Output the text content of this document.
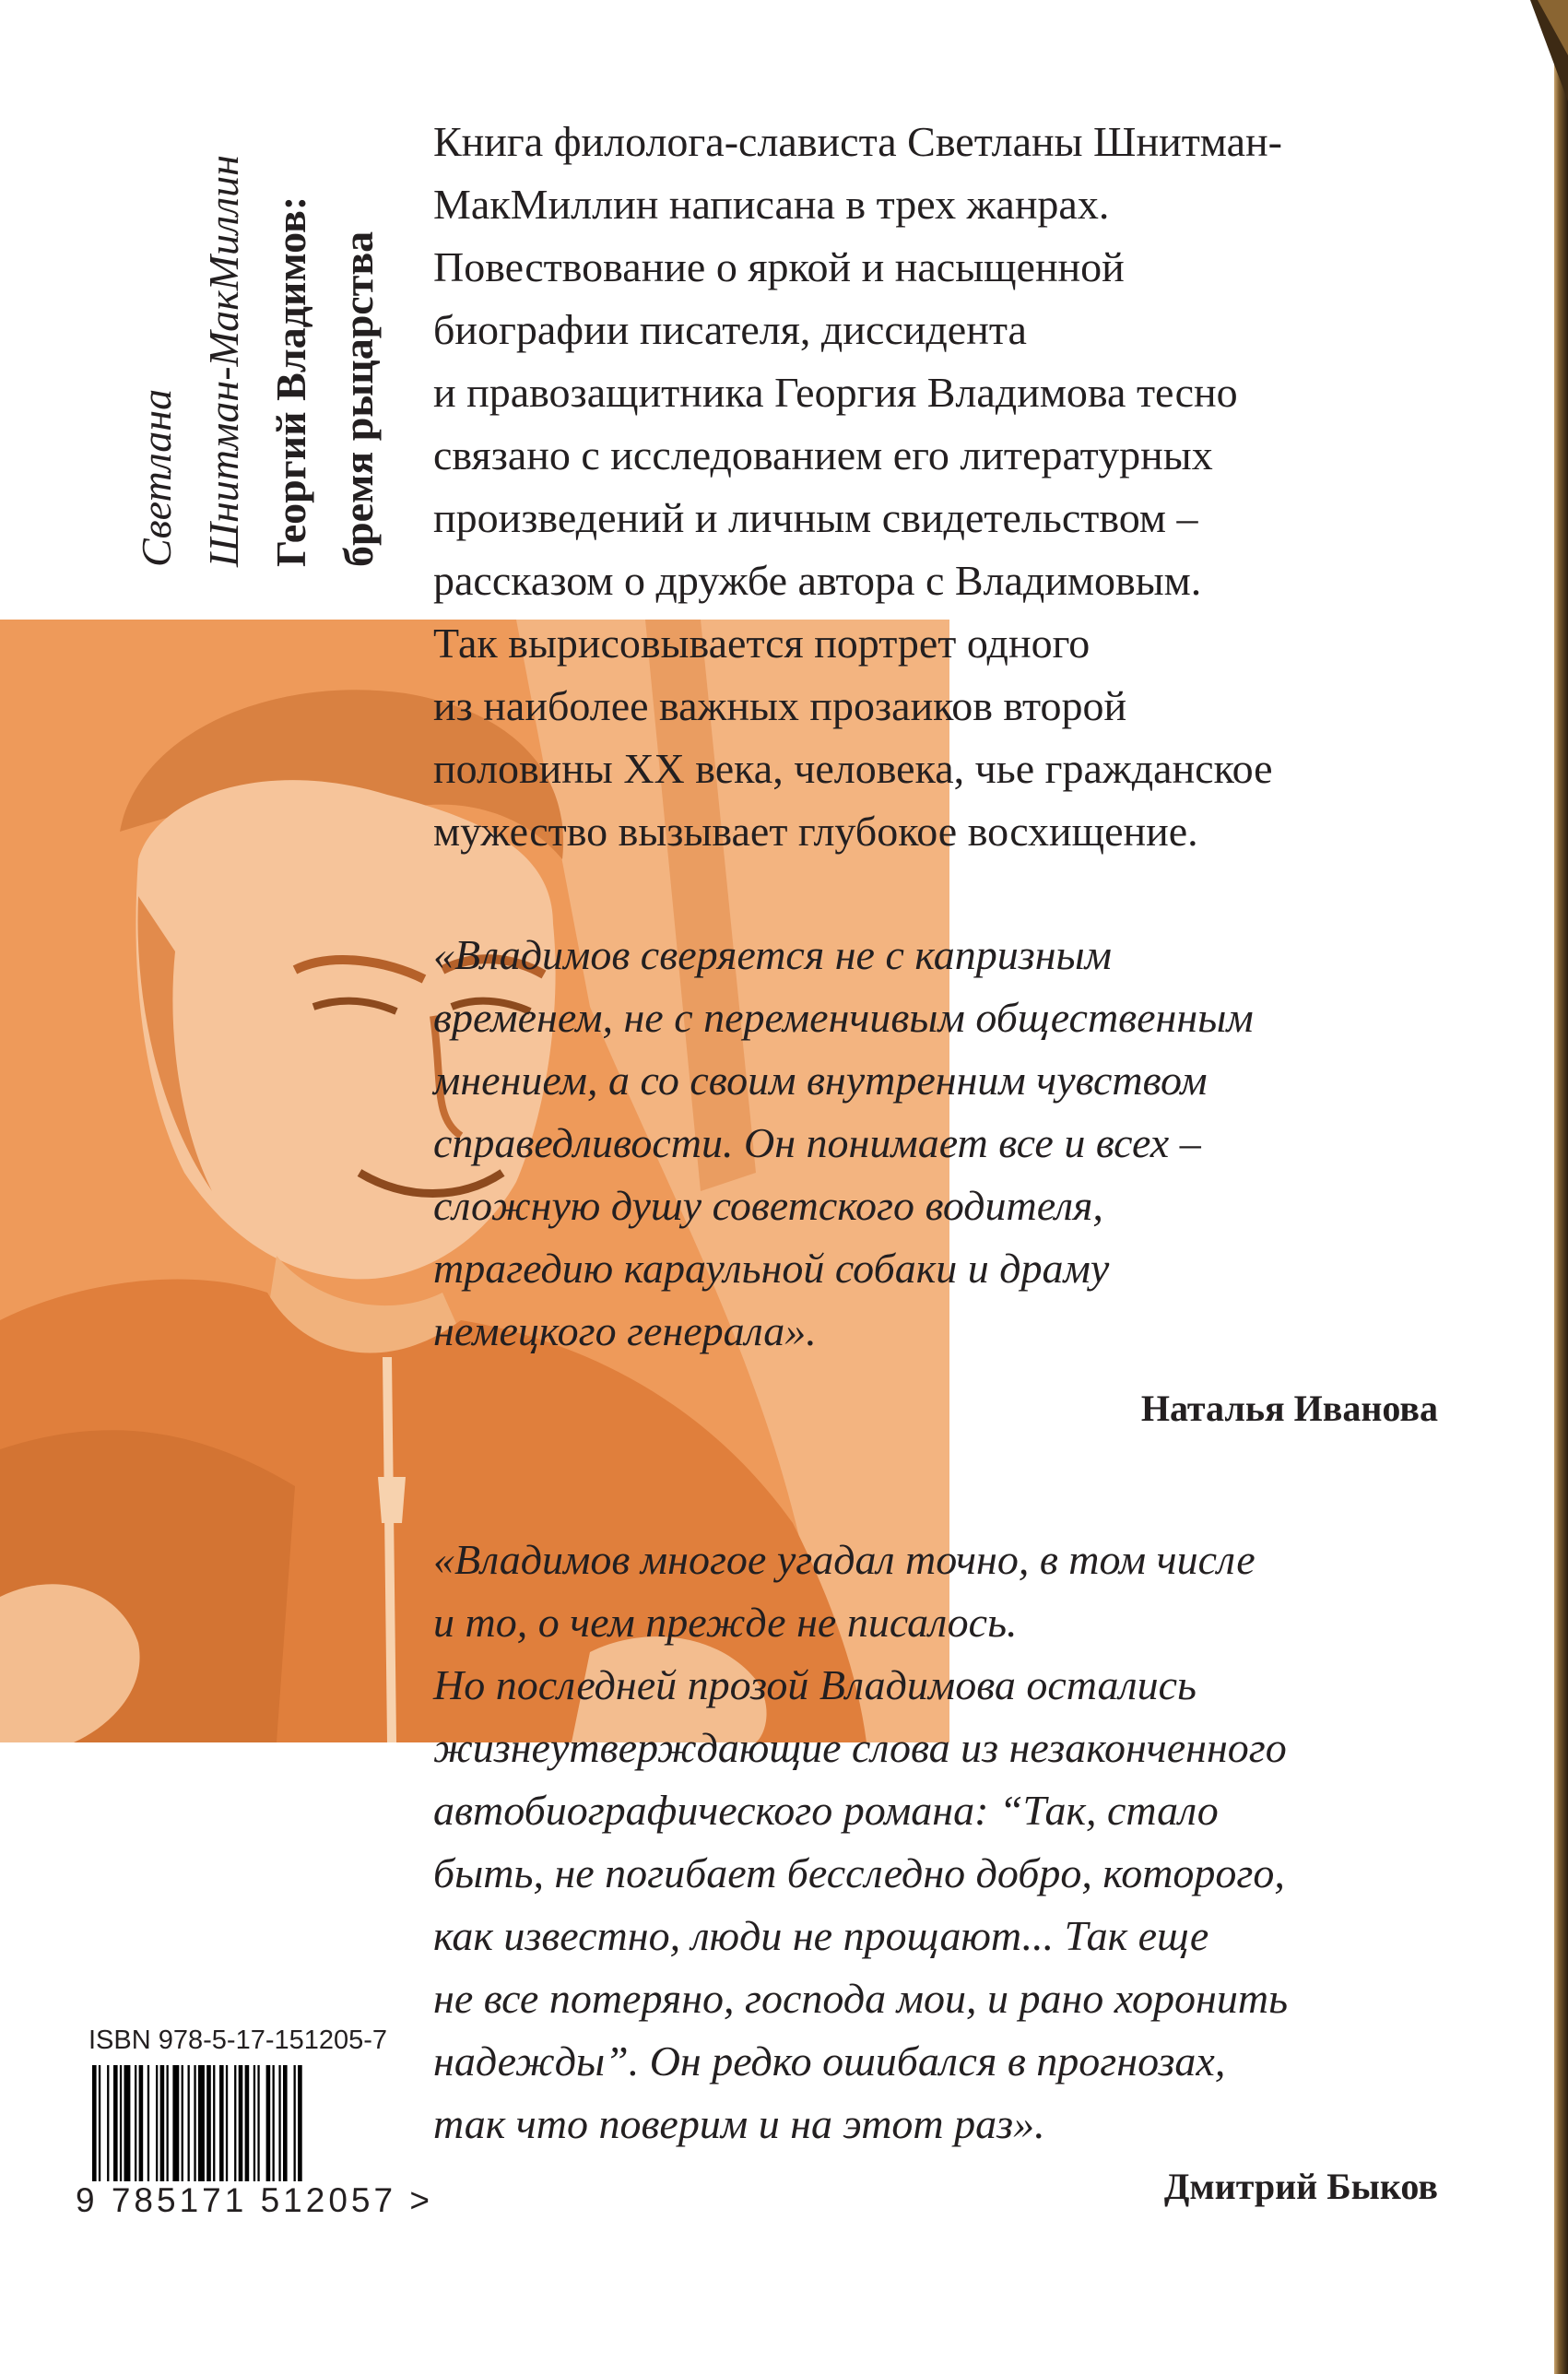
Светлана Шнитман-МакМиллин Георгий Владимов: бремя рыцарства

Книга филолога-слависта Светланы Шнитман-
МакМиллин написана в трех жанрах.
Повествование о яркой и насыщенной
биографии писателя, диссидента
и правозащитника Георгия Владимова тесно
связано с исследованием его литературных
произведений и личным свидетельством –
рассказом о дружбе автора с Владимовым.
Так вырисовывается портрет одного
из наиболее важных прозаиков второй
половины XX века, человека, чье гражданское
мужество вызывает глубокое восхищение.

«Владимов сверяется не с капризным
временем, не с переменчивым общественным
мнением, а со своим внутренним чувством
справедливости. Он понимает все и всех –
сложную душу советского водителя,
трагедию караульной собаки и драму
немецкого генерала».

Наталья Иванова

«Владимов многое угадал точно, в том числе
и то, о чем прежде не писалось.
Но последней прозой Владимова остались
жизнеутверждающие слова из незаконченного
автобиографического романа: “Так, стало
быть, не погибает бесследно добро, которого,
как известно, люди не прощают... Так еще
не все потеряно, господа мои, и рано хоронить
надежды”. Он редко ошибался в прогнозах,
так что поверим и на этот раз».

Дмитрий Быков

ISBN 978-5-17-151205-7
9 785171 512057 >
